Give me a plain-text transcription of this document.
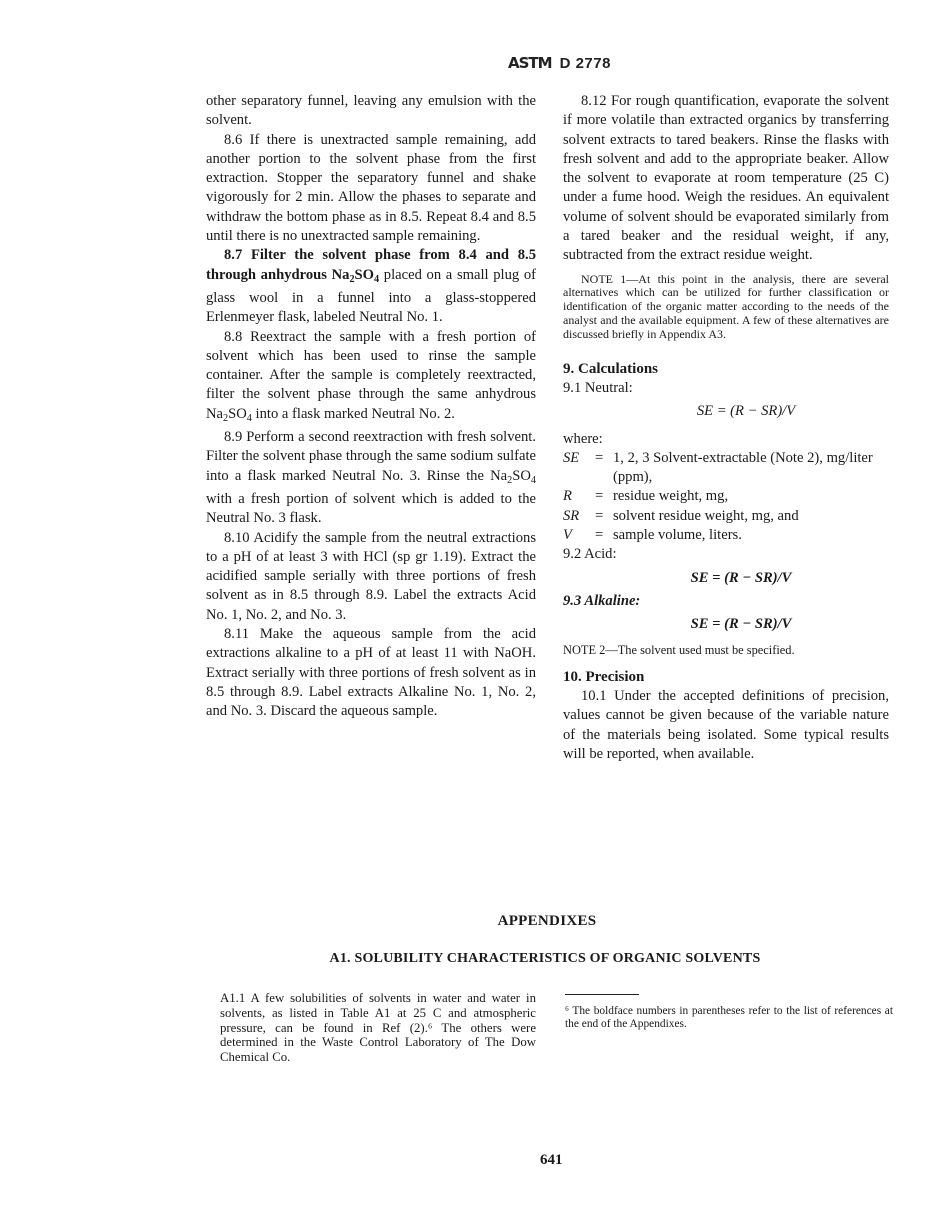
ASTM D 2778

other separatory funnel, leaving any emulsion with the solvent.

8.6 If there is unextracted sample remaining, add another portion to the solvent phase from the first extraction. Stopper the separatory funnel and shake vigorously for 2 min. Allow the phases to separate and withdraw the bottom phase as in 8.5. Repeat 8.4 and 8.5 until there is no unextracted sample remaining.

8.7 Filter the solvent phase from 8.4 and 8.5 through anhydrous $Na_2SO_4$ placed on a small plug of glass wool in a funnel into a glass-stoppered Erlenmeyer flask, labeled Neutral No. 1.

8.8 Reextract the sample with a fresh portion of solvent which has been used to rinse the sample container. After the sample is completely reextracted, filter the solvent phase through the same anhydrous $Na_2SO_4$ into a flask marked Neutral No. 2.

8.9 Perform a second reextraction with fresh solvent. Filter the solvent phase through the same sodium sulfate into a flask marked Neutral No. 3. Rinse the $Na_2SO_4$ with a fresh portion of solvent which is added to the Neutral No. 3 flask.

8.10 Acidify the sample from the neutral extractions to a pH of at least 3 with HCl (sp gr 1.19). Extract the acidified sample serially with three portions of fresh solvent as in 8.5 through 8.9. Label the extracts Acid No. 1, No. 2, and No. 3.

8.11 Make the aqueous sample from the acid extractions alkaline to a pH of at least 11 with NaOH. Extract serially with three portions of fresh solvent as in 8.5 through 8.9. Label extracts Alkaline No. 1, No. 2, and No. 3. Discard the aqueous sample.

8.12 For rough quantification, evaporate the solvent if more volatile than extracted organics by transferring solvent extracts to tared beakers. Rinse the flasks with fresh solvent and add to the appropriate beaker. Allow the solvent to evaporate at room temperature (25 C) under a fume hood. Weigh the residues. An equivalent volume of solvent should be evaporated similarly from a tared beaker and the residual weight, if any, subtracted from the extract residue weight.

NOTE 1—At this point in the analysis, there are several alternatives which can be utilized for further classification or identification of the organic matter according to the needs of the analyst and the available equipment. A few of these alternatives are discussed briefly in Appendix A3.

9. Calculations

9.1 Neutral:

SE = (R − SR)/V

where:

SE	= 1, 2, 3 Solvent-extractable (Note 2), mg/liter (ppm),
R	= residue weight, mg,
SR	= solvent residue weight, mg, and
V	= sample volume, liters.

9.2 Acid:

SE = (R − SR)/V

9.3 Alkaline:

SE = (R − SR)/V

NOTE 2—The solvent used must be specified.

10. Precision

10.1 Under the accepted definitions of precision, values cannot be given because of the variable nature of the materials being isolated. Some typical results will be reported, when available.

APPENDIXES
A1. SOLUBILITY CHARACTERISTICS OF ORGANIC SOLVENTS

A1.1 A few solubilities of solvents in water and water in solvents, as listed in Table A1 at 25 C and atmospheric pressure, can be found in Ref (2).⁶ The others were determined in the Waste Control Laboratory of The Dow Chemical Co.

⁶ The boldface numbers in parentheses refer to the list of references at the end of the Appendixes.
641
